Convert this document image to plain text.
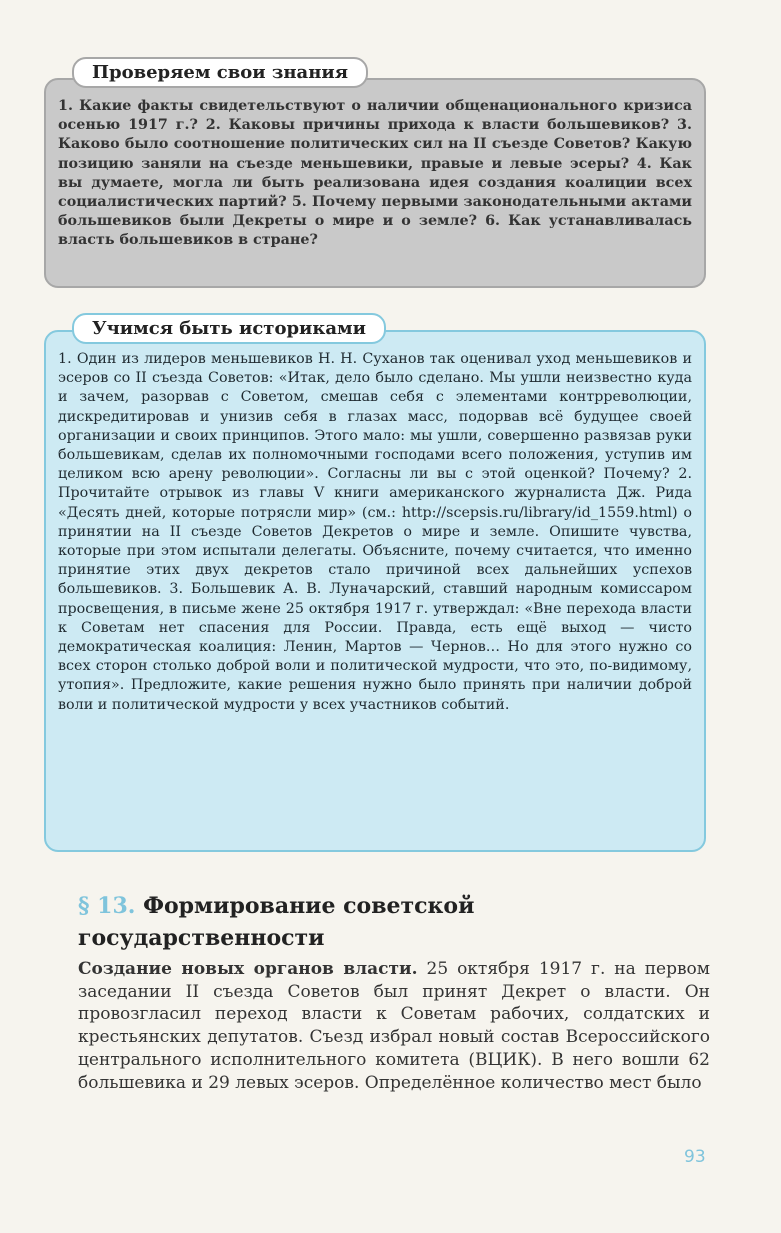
1. Какие факты свидетельствуют о наличии общенационального кризиса осенью 1917 г.? 2. Каковы причины прихода к власти большевиков? 3. Каково было соотношение политических сил на II съезде Советов? Какую позицию заняли на съезде меньшевики, правые и левые эсеры? 4. Как вы думаете, могла ли быть реализована идея создания коалиции всех социалистических партий? 5. Почему первыми законодательными актами большевиков были Декреты о мире и о земле? 6. Как устанавливалась власть большевиков в стране?

Проверяем свои знания

1. Один из лидеров меньшевиков Н. Н. Суханов так оценивал уход меньшевиков и эсеров со II съезда Советов: «Итак, дело было сделано. Мы ушли неизвестно куда и зачем, разорвав с Советом, смешав себя с элементами контрреволюции, дискредитировав и унизив себя в глазах масс, подорвав всё будущее своей организации и своих принципов. Этого мало: мы ушли, совершенно развязав руки большевикам, сделав их полномочными господами всего положения, уступив им целиком всю арену революции». Согласны ли вы с этой оценкой? Почему? 2. Прочитайте отрывок из главы V книги американского журналиста Дж. Рида «Десять дней, которые потрясли мир» (см.: http://scepsis.ru/library/id_1559.html) о принятии на II съезде Советов Декретов о мире и земле. Опишите чувства, которые при этом испытали делегаты. Объясните, почему считается, что именно принятие этих двух декретов стало причиной всех дальнейших успехов большевиков. 3. Большевик А. В. Луначарский, ставший народным комиссаром просвещения, в письме жене 25 октября 1917 г. утверждал: «Вне перехода власти к Советам нет спасения для России. Правда, есть ещё выход — чисто демократическая коалиция: Ленин, Мартов — Чернов… Но для этого нужно со всех сторон столько доброй воли и политической мудрости, что это, по-видимому, утопия». Предложите, какие решения нужно было принять при наличии доброй воли и политической мудрости у всех участников событий.

Учимся быть историками
§ 13. Формирование советской государственности

Создание новых органов власти. 25 октября 1917 г. на первом заседании II съезда Советов был принят Декрет о власти. Он провозгласил переход власти к Советам рабочих, солдатских и крестьянских депутатов. Съезд избрал новый состав Всероссийского центрального исполнительного комитета (ВЦИК). В него вошли 62 большевика и 29 левых эсеров. Определённое количество мест было

93
